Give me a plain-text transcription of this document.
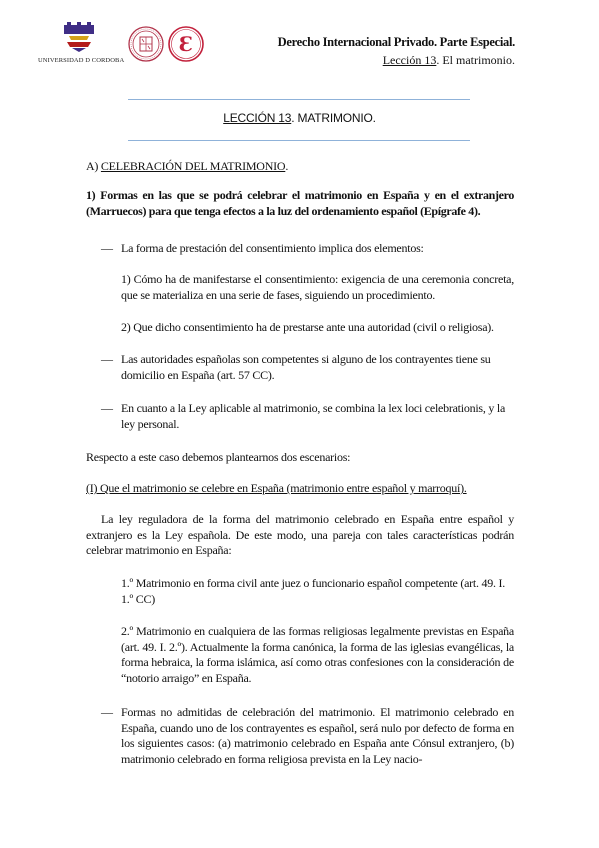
UNIVERSIDAD D CORDOBA
Ɛ	Derecho Internacional Privado. Parte Especial.
Lección 13. El matrimonio.
LECCIÓN 13. MATRIMONIO.
A) CELEBRACIÓN DEL MATRIMONIO.
1) Formas en las que se podrá celebrar el matrimonio en España y en el extranjero (Marruecos) para que tenga efectos a la luz del ordenamiento español (Epígrafe 4).
— La forma de prestación del consentimiento implica dos elementos:
1) Cómo ha de manifestarse el consentimiento: exigencia de una ceremonia concreta, que se materializa en una serie de fases, siguiendo un procedimiento.
2) Que dicho consentimiento ha de prestarse ante una autoridad (civil o religiosa).
— Las autoridades españolas son competentes si alguno de los contrayentes tiene su domicilio en España (art. 57 CC).
— En cuanto a la Ley aplicable al matrimonio, se combina la lex loci celebrationis, y la ley personal.
Respecto a este caso debemos plantearnos dos escenarios:
(I) Que el matrimonio se celebre en España (matrimonio entre español y marroquí).
La ley reguladora de la forma del matrimonio celebrado en España entre español y extranjero es la Ley española. De este modo, una pareja con tales características podrán celebrar matrimonio en España:
1.º Matrimonio en forma civil ante juez o funcionario español competente (art. 49. I. 1.º CC)
2.º Matrimonio en cualquiera de las formas religiosas legalmente previstas en España (art. 49. I. 2.º). Actualmente la forma canónica, la forma de las iglesias evangélicas, la forma hebraica, la forma islámica, así como otras confesiones con la consideración de “notorio arraigo” en España.
— Formas no admitidas de celebración del matrimonio. El matrimonio celebrado en España, cuando uno de los contrayentes es español, será nulo por defecto de forma en los siguientes casos: (a) matrimonio celebrado en España ante Cónsul extranjero, (b) matrimonio celebrado en forma religiosa prevista en la Ley nacio-
